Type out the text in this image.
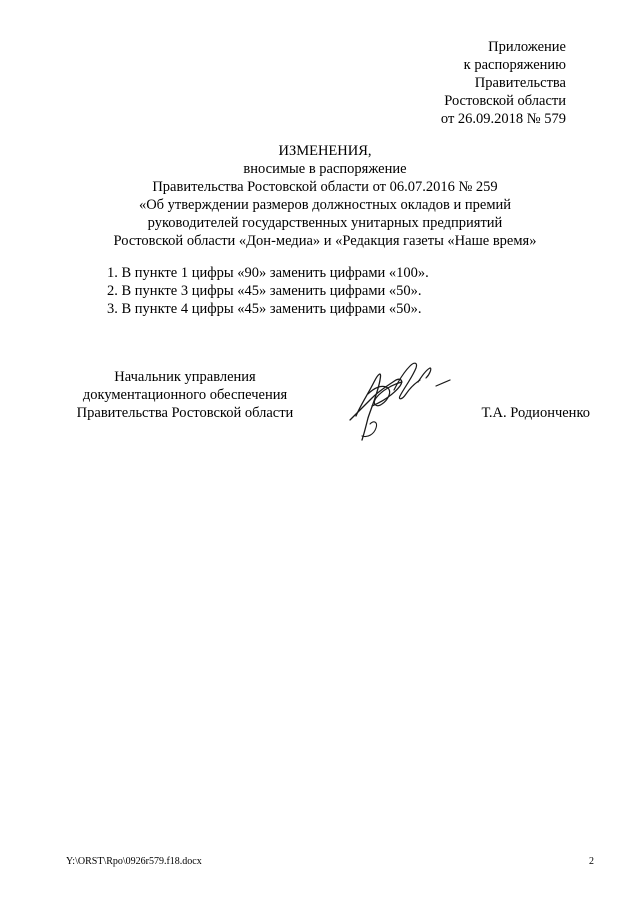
Приложение
к распоряжению
Правительства
Ростовской области
от 26.09.2018 № 579
ИЗМЕНЕНИЯ,
вносимые в распоряжение
Правительства Ростовской области от 06.07.2016 № 259
«Об утверждении размеров должностных окладов и премий
руководителей государственных унитарных предприятий
Ростовской области «Дон-медиа» и «Редакция газеты «Наше время»
1. В пункте 1 цифры «90» заменить цифрами «100».
2. В пункте 3 цифры «45» заменить цифрами «50».
3. В пункте 4 цифры «45» заменить цифрами «50».
Начальник управления
документационного обеспечения
Правительства Ростовской области	Т.А. Родионченко
Y:\ORST\Rpo\0926r579.f18.docx	2
